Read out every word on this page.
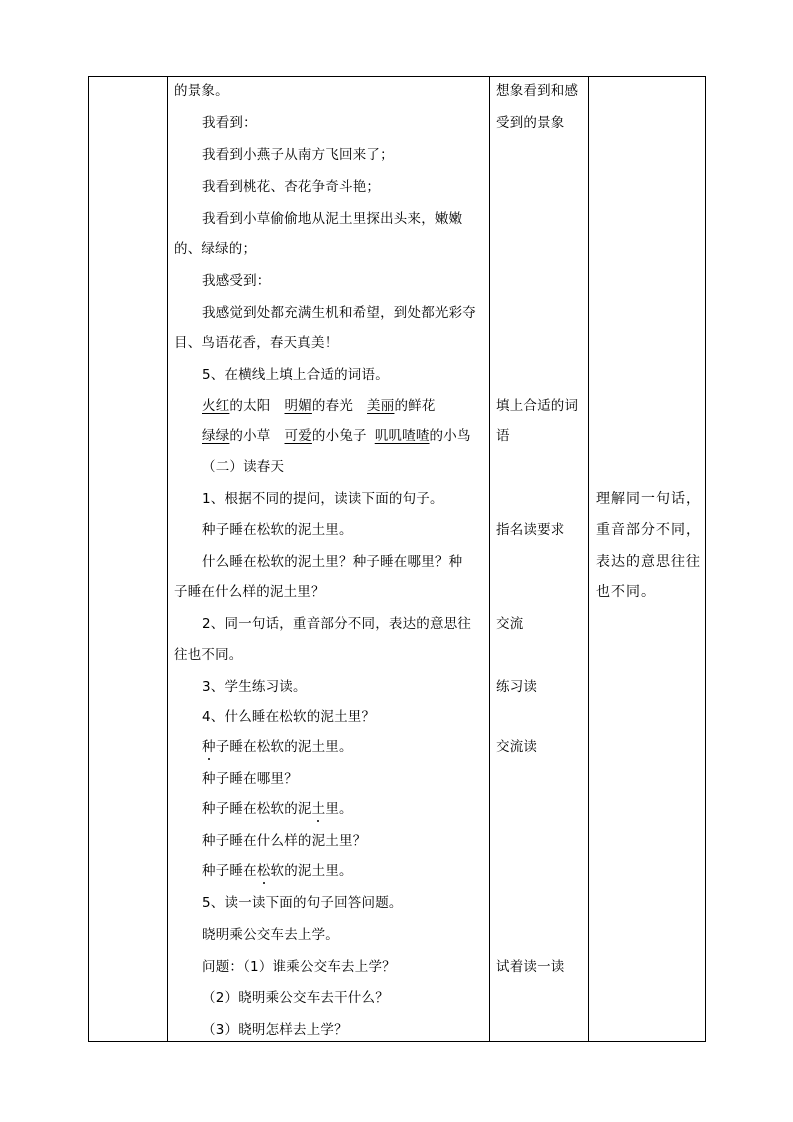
的景象。
我看到：
我看到小燕子从南方飞回来了；
我看到桃花、杏花争奇斗艳；
我看到小草偷偷地从泥土里探出头来，嫩嫩
的、绿绿的；
我感受到：
我感觉到处都充满生机和希望，到处都光彩夺
目、鸟语花香，春天真美！
5、在横线上填上合适的词语。
火红的太阳 明媚的春光 美丽的鲜花
绿绿的小草 可爱的小兔子 叽叽喳喳的小鸟
（二）读春天
1、根据不同的提问，读读下面的句子。
种子睡在松软的泥土里。
什么睡在松软的泥土里？种子睡在哪里？种
子睡在什么样的泥土里？
2、同一句话，重音部分不同，表达的意思往
往也不同。
3、学生练习读。
4、什么睡在松软的泥土里？
种子睡在松软的泥土里。
种子睡在哪里？
种子睡在松软的泥土里。
种子睡在什么样的泥土里？
种子睡在松软的泥土里。
5、读一读下面的句子回答问题。
晓明乘公交车去上学。
问题：（1）谁乘公交车去上学？
（2）晓明乘公交车去干什么？
（3）晓明怎样去上学？
想象看到和感
受到的景象
填上合适的词
语
指名读要求
交流
练习读
交流读
试着读一读
理解同一句话，
重音部分不同，
表达的意思往往
也不同。
